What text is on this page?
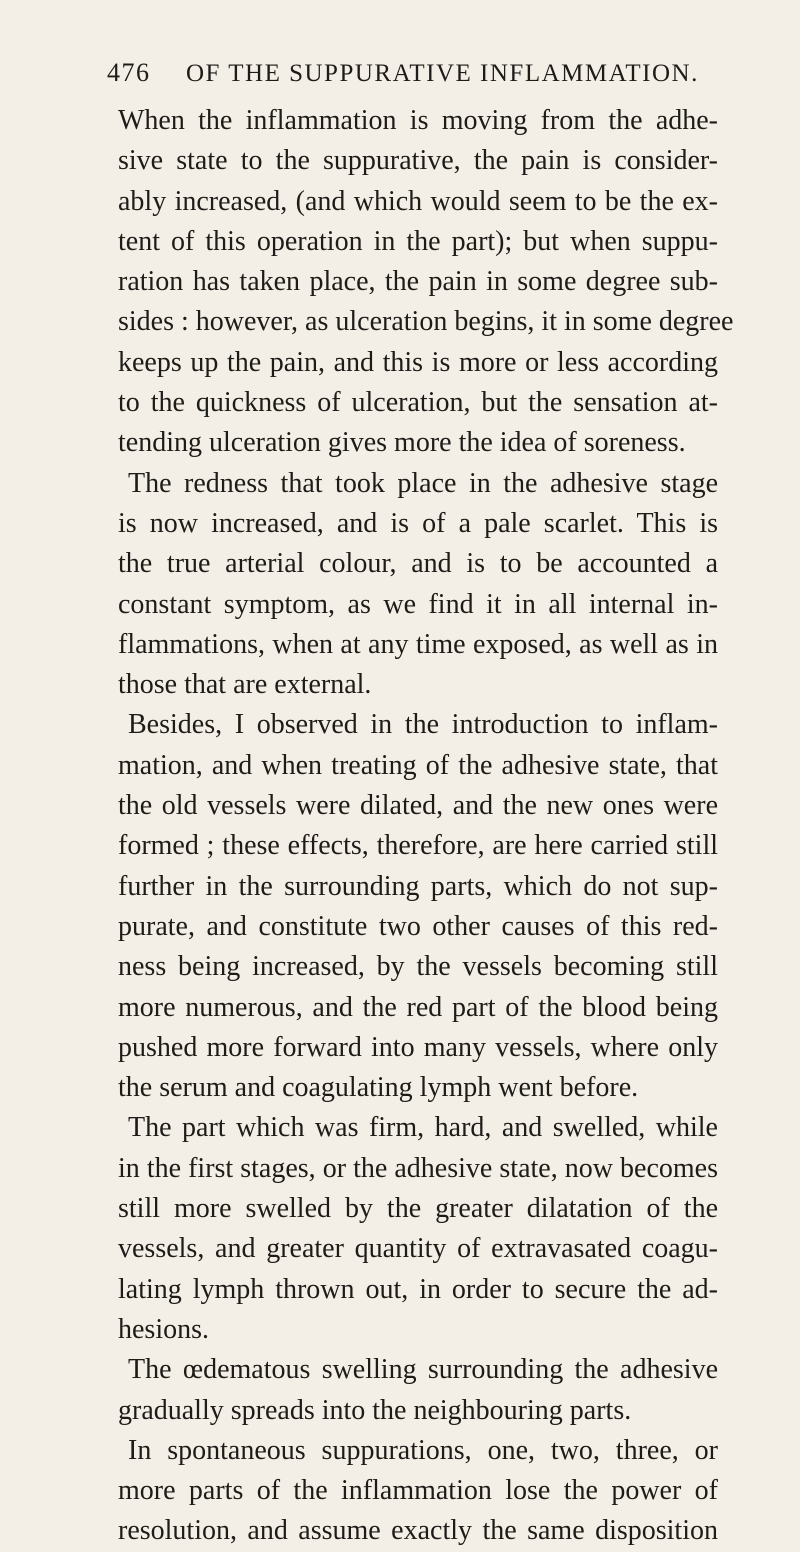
476 OF THE SUPPURATIVE INFLAMMATION.
When the inflammation is moving from the adhe-
sive state to the suppurative, the pain is consider-
ably increased, (and which would seem to be the ex-
tent of this operation in the part); but when suppu-
ration has taken place, the pain in some degree sub-
sides : however, as ulceration begins, it in some degree
keeps up the pain, and this is more or less according
to the quickness of ulceration, but the sensation at-
tending ulceration gives more the idea of soreness.
The redness that took place in the adhesive stage
is now increased, and is of a pale scarlet. This is
the true arterial colour, and is to be accounted a
constant symptom, as we find it in all internal in-
flammations, when at any time exposed, as well as in
those that are external.
Besides, I observed in the introduction to inflam-
mation, and when treating of the adhesive state, that
the old vessels were dilated, and the new ones were
formed ; these effects, therefore, are here carried still
further in the surrounding parts, which do not sup-
purate, and constitute two other causes of this red-
ness being increased, by the vessels becoming still
more numerous, and the red part of the blood being
pushed more forward into many vessels, where only
the serum and coagulating lymph went before.
The part which was firm, hard, and swelled, while
in the first stages, or the adhesive state, now becomes
still more swelled by the greater dilatation of the
vessels, and greater quantity of extravasated coagu-
lating lymph thrown out, in order to secure the ad-
hesions.
The œdematous swelling surrounding the adhesive
gradually spreads into the neighbouring parts.
In spontaneous suppurations, one, two, three, or
more parts of the inflammation lose the power of
resolution, and assume exactly the same disposition
